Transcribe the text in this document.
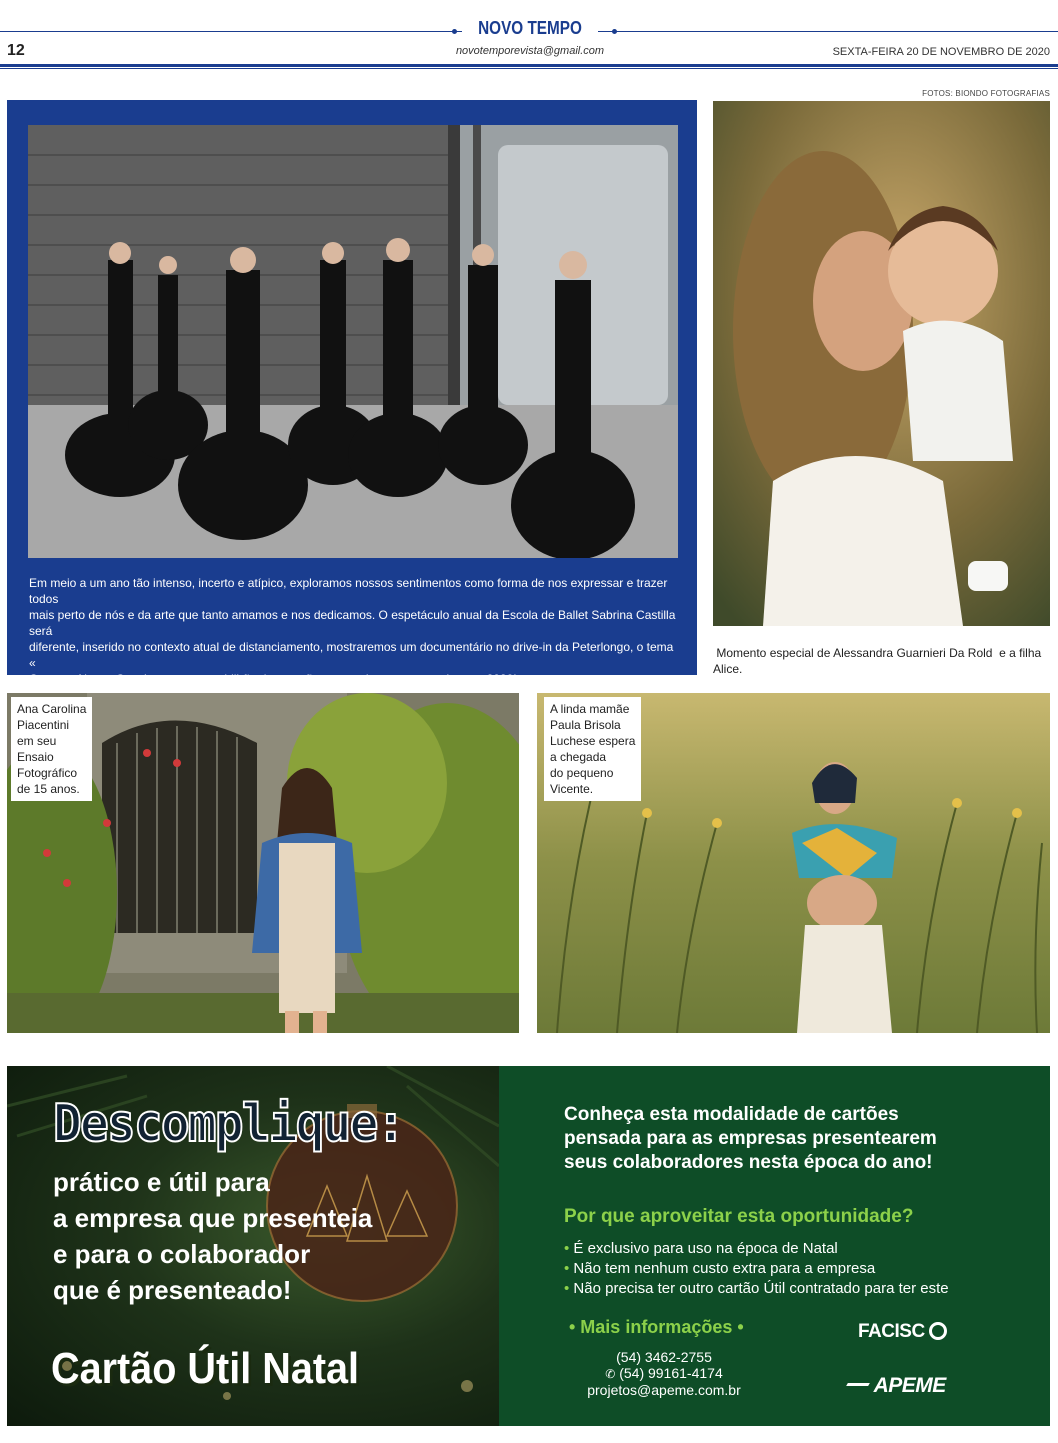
NOVO TEMPO
novotemporevista@gmail.com
12	SEXTA-FEIRA 20 DE NOVEMBRO DE 2020
FOTOS: BIONDO FOTOGRAFIAS
Em meio a um ano tão intenso, incerto e atípico, exploramos nossos sentimentos como forma de nos expressar e trazer todos
mais perto de nós e da arte que tanto amamos e nos dedicamos. O espetáculo anual da Escola de Ballet Sabrina Castilla será
diferente, inserido no contexto atual de distanciamento, mostraremos um documentário no drive-in da Peterlongo, o tema «
Corpo.... Nossa Casa! » mostra o turbilhão de emoções que todos passamos durante 2020!
Momento especial de Alessandra Guarnieri Da Rold  e a filha
Alice.
Ana Carolina
Piacentini
em seu
Ensaio
Fotográfico
de 15 anos.
A linda mamãe
Paula Brisola
Luchese espera
a chegada
do pequeno
Vicente.
Descomplique:
prático e útil para
a empresa que presenteia
e para o colaborador
que é presenteado!
Cartão Útil Natal
Conheça esta modalidade de cartões
pensada para as empresas presentearem
seus colaboradores nesta época do ano!
Por que aproveitar esta oportunidade?
• É exclusivo para uso na época de Natal
• Não tem nenhum custo extra para a empresa
• Não precisa ter outro cartão Útil contratado para ter este
• Mais informações •
(54) 3462-2755
✆ (54) 99161-4174
projetos@apeme.com.br
FACISC
APEME
